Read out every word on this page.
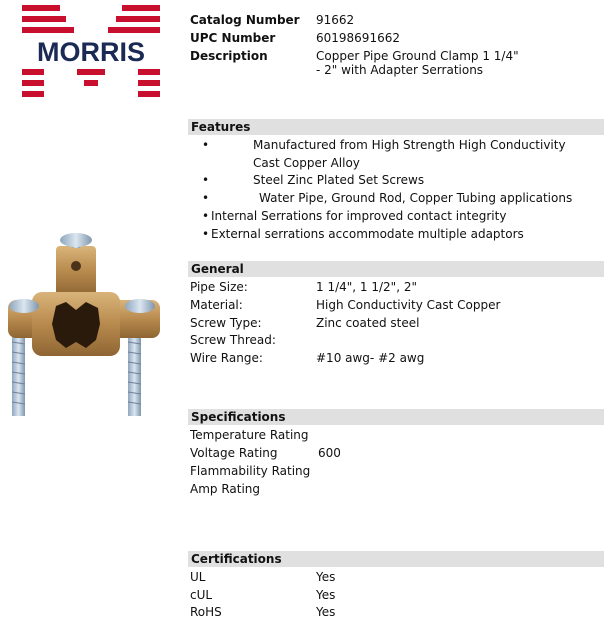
MORRIS
Catalog Number 91662
UPC Number	60198691662
Description	Copper Pipe Ground Clamp 1 1/4"
- 2" with Adapter Serrations
Features
•	Manufactured from High Strength High Conductivity
Cast Copper Alloy
•	Steel Zinc Plated Set Screws
•	Water Pipe, Ground Rod, Copper Tubing applications
• Internal Serrations for improved contact integrity
• External serrations accommodate multiple adaptors
General
Pipe Size:	1 1/4", 1 1/2", 2"
Material:	High Conductivity Cast Copper
Screw Type:	Zinc coated steel
Screw Thread:
Wire Range:	#10 awg- #2 awg
Specifications
Temperature Rating
Voltage Rating	600
Flammability Rating
Amp Rating
Certifications
UL	Yes
cUL	Yes
RoHS	Yes
